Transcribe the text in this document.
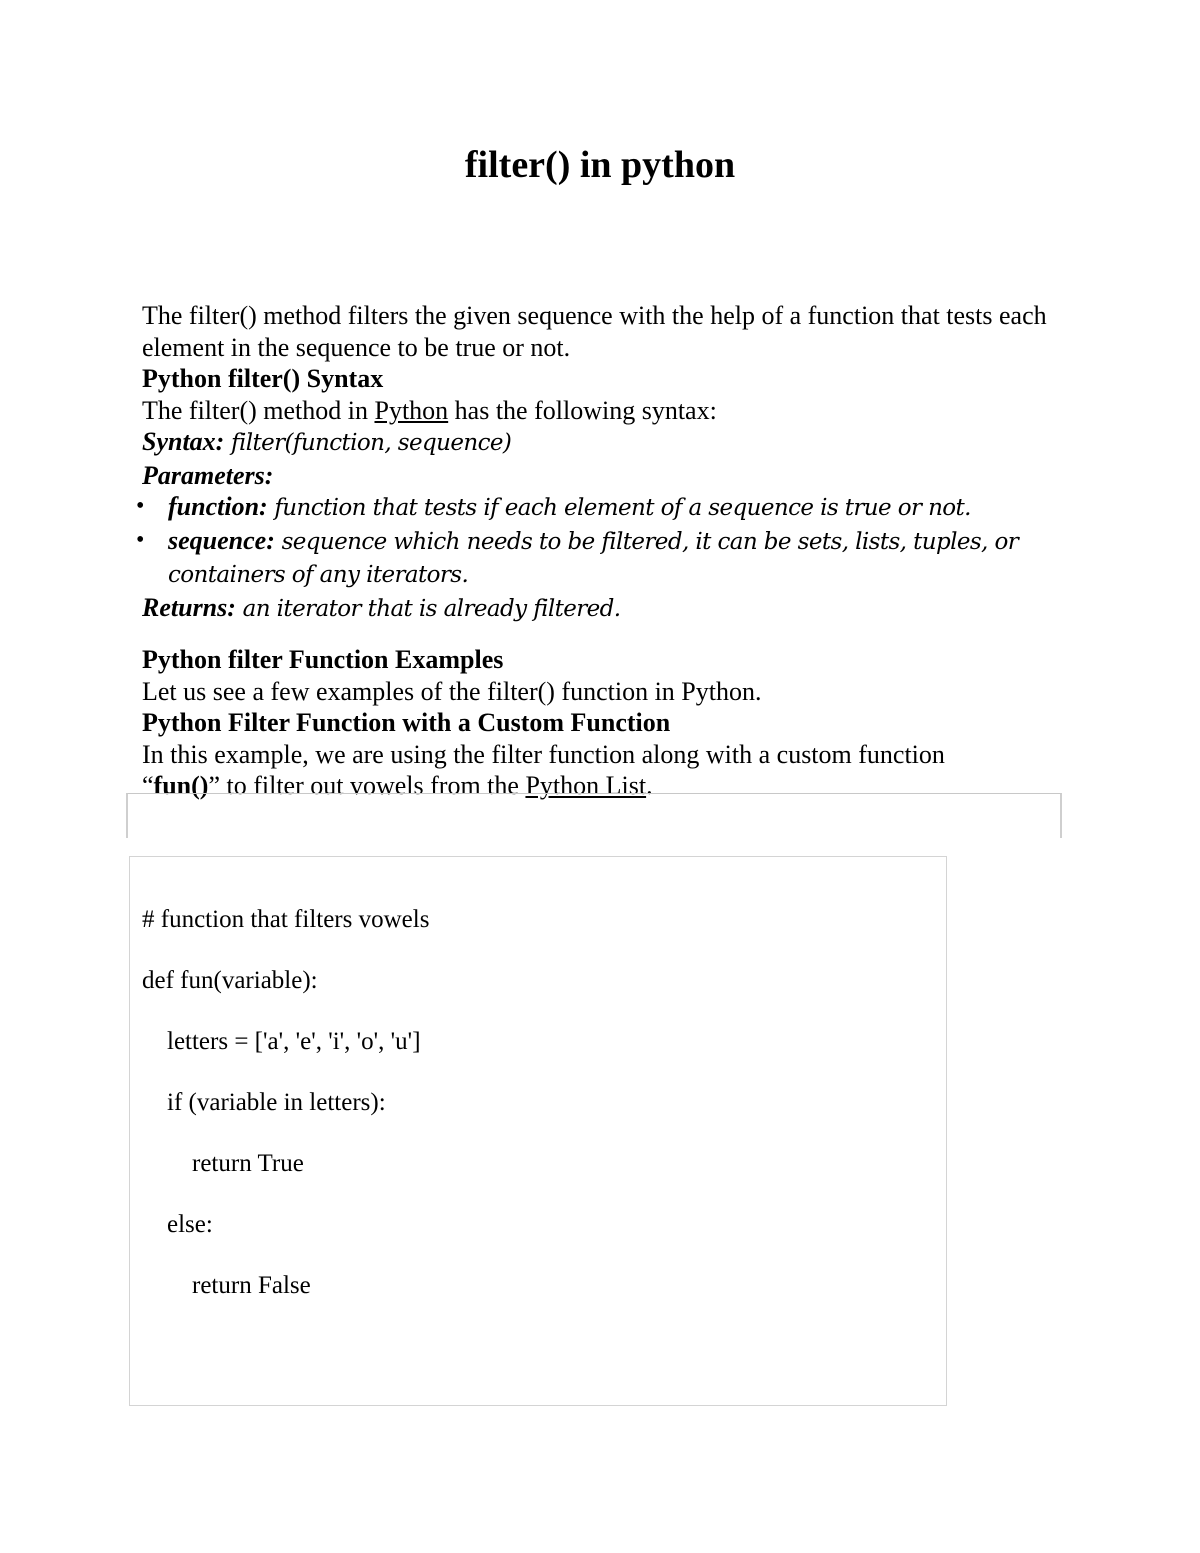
filter() in python

The filter() method filters the given sequence with the help of a function that tests each element in the sequence to be true or not.

Python filter() Syntax

The filter() method in Python has the following syntax:

Syntax: filter(function, sequence)

Parameters:

• function: function that tests if each element of a sequence is true or not.
• sequence: sequence which needs to be filtered, it can be sets, lists, tuples, or containers of any iterators.

Returns: an iterator that is already filtered.

Python filter Function Examples

Let us see a few examples of the filter() function in Python.

Python Filter Function with a Custom Function

In this example, we are using the filter function along with a custom function

“fun()” to filter out vowels from the Python List.

# function that filters vowels
def fun(variable):
letters = ['a', 'e', 'i', 'o', 'u']
if (variable in letters):
return True
else:
return False
